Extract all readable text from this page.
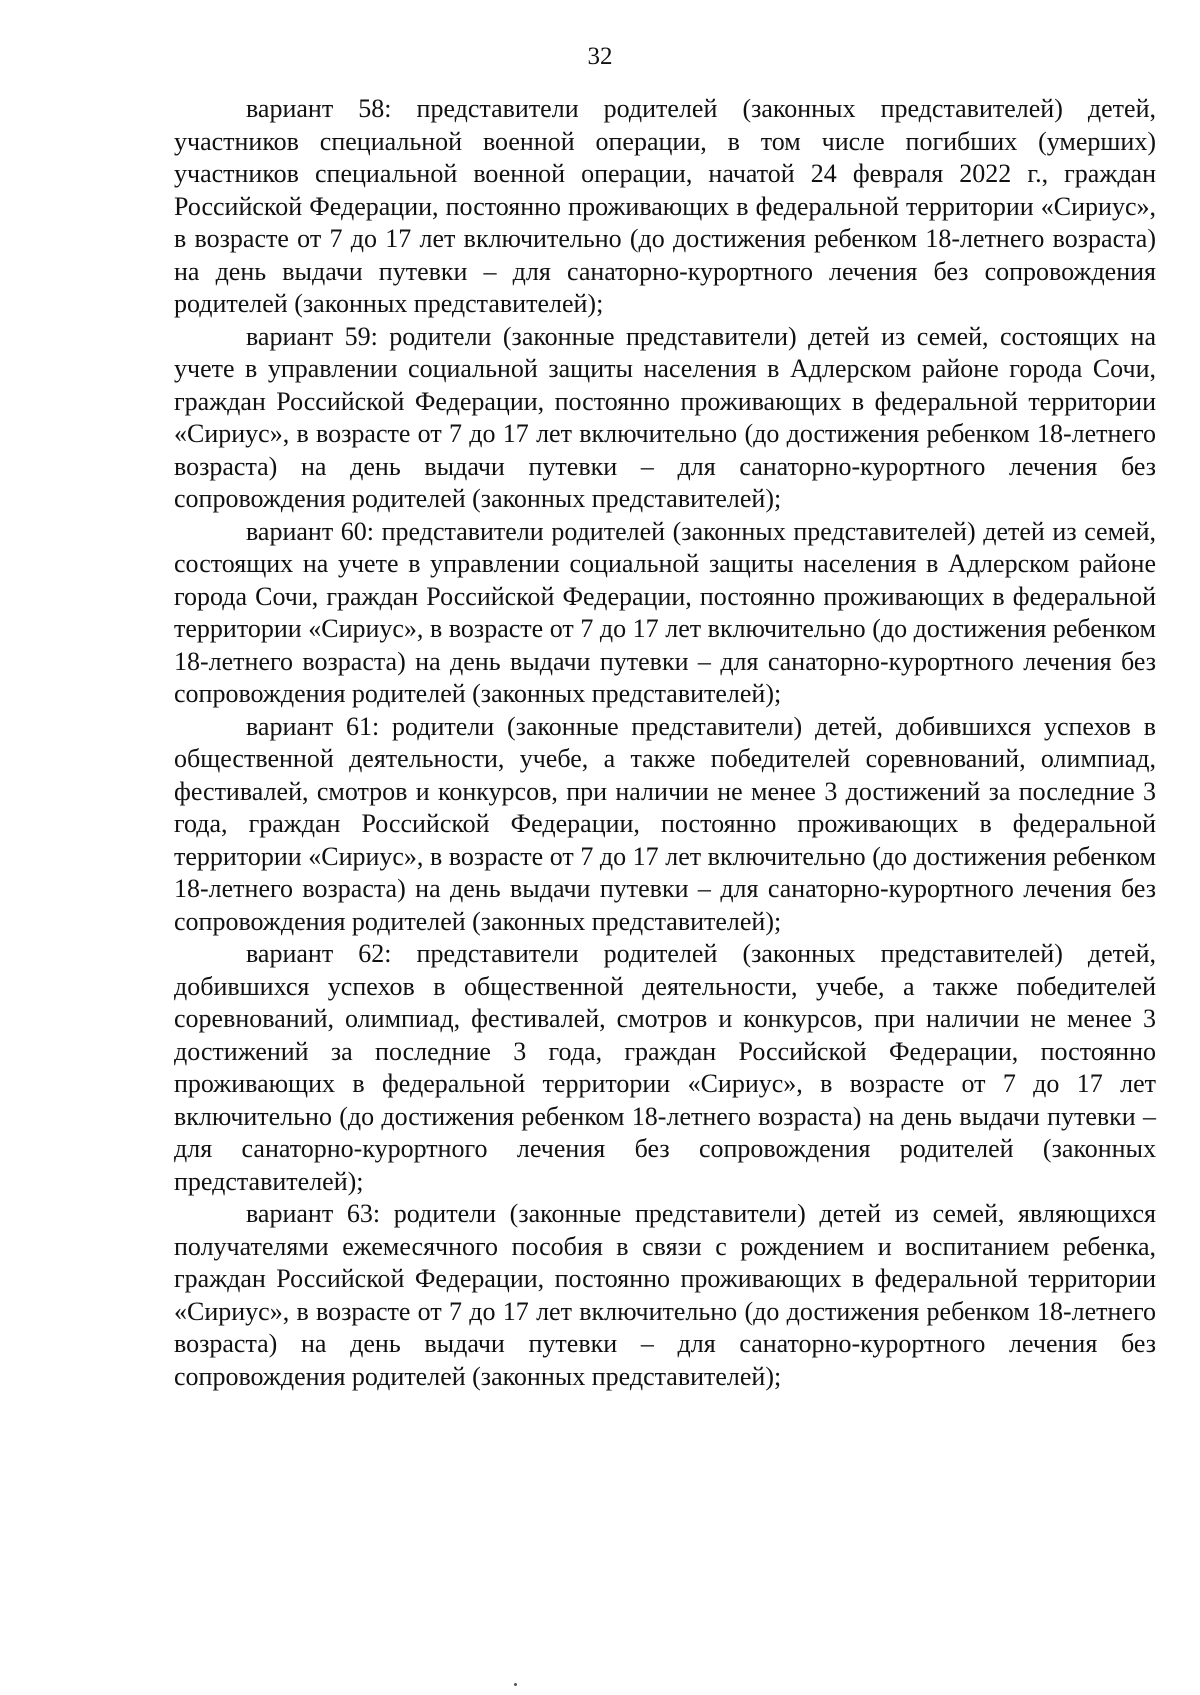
32

вариант 58: представители родителей (законных представителей) детей, участников специальной военной операции, в том числе погибших (умерших) участников специальной военной операции, начатой 24 февраля 2022 г., граждан Российской Федерации, постоянно проживающих в федеральной территории «Сириус», в возрасте от 7 до 17 лет включительно (до достижения ребенком 18-летнего возраста) на день выдачи путевки – для санаторно-курортного лечения без сопровождения родителей (законных представителей);

вариант 59: родители (законные представители) детей из семей, состоящих на учете в управлении социальной защиты населения в Адлерском районе города Сочи, граждан Российской Федерации, постоянно проживающих в федеральной территории «Сириус», в возрасте от 7 до 17 лет включительно (до достижения ребенком 18-летнего возраста) на день выдачи путевки – для санаторно-курортного лечения без сопровождения родителей (законных представителей);

вариант 60: представители родителей (законных представителей) детей из семей, состоящих на учете в управлении социальной защиты населения в Адлерском районе города Сочи, граждан Российской Федерации, постоянно проживающих в федеральной территории «Сириус», в возрасте от 7 до 17 лет включительно (до достижения ребенком 18-летнего возраста) на день выдачи путевки – для санаторно-курортного лечения без сопровождения родителей (законных представителей);

вариант 61: родители (законные представители) детей, добившихся успехов в общественной деятельности, учебе, а также победителей соревнований, олимпиад, фестивалей, смотров и конкурсов, при наличии не менее 3 достижений за последние 3 года, граждан Российской Федерации, постоянно проживающих в федеральной территории «Сириус», в возрасте от 7 до 17 лет включительно (до достижения ребенком 18-летнего возраста) на день выдачи путевки – для санаторно-курортного лечения без сопровождения родителей (законных представителей);

вариант 62: представители родителей (законных представителей) детей, добившихся успехов в общественной деятельности, учебе, а также победителей соревнований, олимпиад, фестивалей, смотров и конкурсов, при наличии не менее 3 достижений за последние 3 года, граждан Российской Федерации, постоянно проживающих в федеральной территории «Сириус», в возрасте от 7 до 17 лет включительно (до достижения ребенком 18-летнего возраста) на день выдачи путевки – для санаторно-курортного лечения без сопровождения родителей (законных представителей);

вариант 63: родители (законные представители) детей из семей, являющихся получателями ежемесячного пособия в связи с рождением и воспитанием ребенка, граждан Российской Федерации, постоянно проживающих в федеральной территории «Сириус», в возрасте от 7 до 17 лет включительно (до достижения ребенком 18-летнего возраста) на день выдачи путевки – для санаторно-курортного лечения без сопровождения родителей (законных представителей);
